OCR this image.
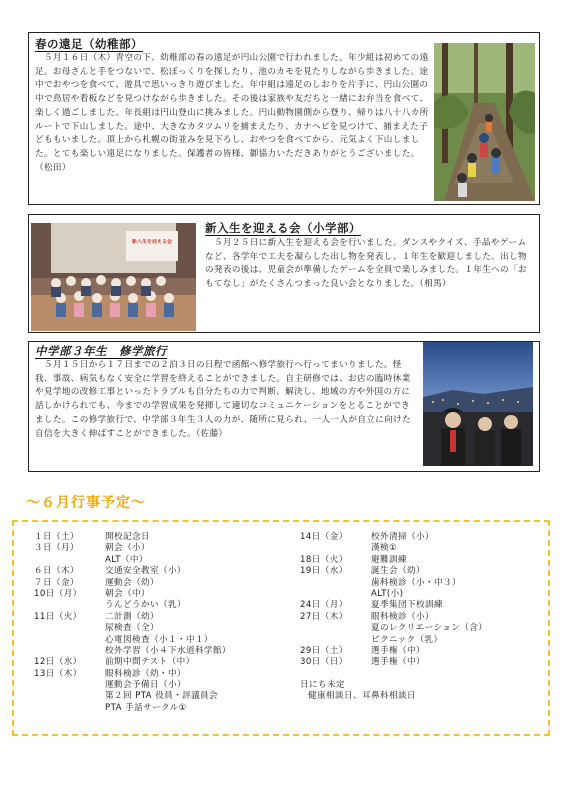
春の遠足（幼稚部）
　５月１６日（木）青空の下、幼稚部の春の遠足が円山公園で行われました。年少組は初めての遠足。お母さんと手をつないで、松ぼっくりを探したり、池のカモを見たりしながら歩きました。途中でおやつを食べて、遊具で思いっきり遊びました。年中組は遠足のしおりを片手に、円山公園の中で鳥居や看板などを見つけながら歩きました。その後は家族や友だちと一緒にお弁当を食べて、楽しく過ごしました。年長組は円山登山に挑みました。円山動物園側から登り、帰りは八十八カ所ルートで下山しました。途中、大きなカタツムリを捕まえたり、カナヘビを見つけて、捕まえた子どももいました。頂上から札幌の街並みを見下ろし、おやつを食べてから、元気よく下山しました。とても楽しい遠足になりました。保護者の皆様、御協力いただきありがとうございました。（松田）
新入生を迎える会
新入生を迎える会（小学部）
　５月２５日に新入生を迎える会を行いました。ダンスやクイズ、手品やゲームなど、各学年で工夫を凝らした出し物を発表し、１年生を歓迎しました。出し物の発表の後は、児童会が準備したゲームを全員で楽しみました。１年生への「おもてなし」がたくさんつまった良い会となりました。（相馬）
中学部３年生　修学旅行
　５月１５日から１７日までの２泊３日の日程で函館へ修学旅行へ行ってまいりました。怪我、事故、病気もなく安全に学習を終えることができました。自主研修では、お店の臨時休業や見学地の改修工事といったトラブルも自分たちの力で判断、解決し、地域の方や外国の方に話しかけられても、今までの学習成果を発揮して適切なコミュニケーションをとることができました。この修学旅行で、中学部３年生３人の力が、随所に見られ、一人一人が自立に向けた自信を大きく伸ばすことができました。（佐藤）
～６月行事予定～
１日（土）	開校記念日
３日（月）	朝会（小）
ALT（中）
６日（木）	交通安全教室（小）
７日（金）	運動会（幼）
10日（月）	朝会（中）
うんどうかい（乳）
11日（火）	二計測（幼）
尿検査（全）
心電図検査（小１・中１）
校外学習（小４下水道科学館）
12日（水）	前期中間テスト（中）
13日（木）	眼科検診（幼・中）
運動会予備日（小）
第２回 PTA 役員・評議員会
PTA 手話サークル①
14日（金）	校外清掃（小）
漢検①
18日（火）	避難訓練
19日（水）	誕生会（幼）
歯科検診（小・中３）
ALT(小)
24日（月）	夏季集団下校訓練
27日（木）	眼科検診（小）
夏のレクリエーション（含）
ピクニック（乳）
29日（土）	選手権（中）
30日（日）	選手権（中）
日にち未定
健康相談日、耳鼻科相談日
